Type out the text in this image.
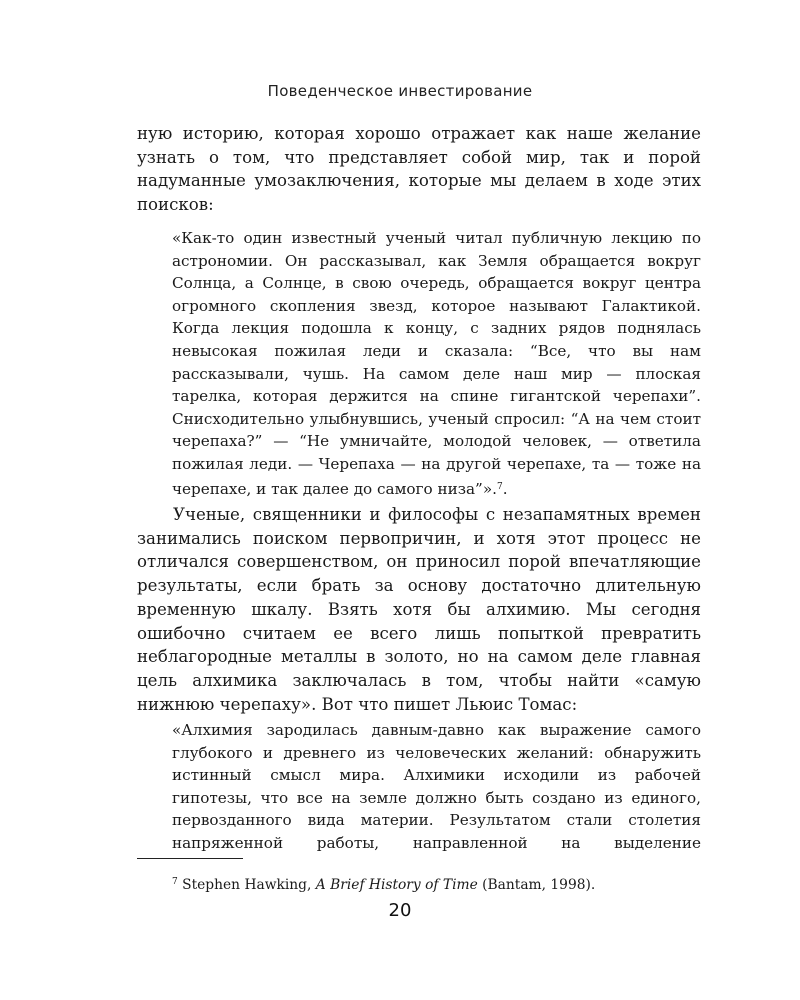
Поведенческое инвестирование

ную историю, которая хорошо отражает как наше желание узнать о том, что представляет собой мир, так и порой надуманные умозаключения, которые мы делаем в ходе этих поисков:

«Как-то один известный ученый читал публичную лекцию по астрономии. Он рассказывал, как Земля обращается вокруг Солнца, а Солнце, в свою очередь, обращается вокруг центра огромного скопления звезд, которое называют Галактикой. Когда лекция подошла к концу, с задних рядов поднялась невысокая пожилая леди и сказала: “Все, что вы нам рассказывали, чушь. На самом деле наш мир — плоская тарелка, которая держится на спине гигантской черепахи”. Снисходительно улыбнувшись, ученый спросил: “А на чем стоит черепаха?” — “Не умничайте, молодой человек, — ответила пожилая леди. — Черепаха — на другой черепахе, та — тоже на черепахе, и так далее до самого низа”».$^7$.

Ученые, священники и философы с незапамятных времен занимались поиском первопричин, и хотя этот процесс не отличался совершенством, он приносил порой впечатляющие результаты, если брать за основу достаточно длительную временную шкалу. Взять хотя бы алхимию. Мы сегодня ошибочно считаем ее всего лишь попыткой превратить неблагородные металлы в золото, но на самом деле главная цель алхимика заключалась в том, чтобы найти «самую нижнюю черепаху». Вот что пишет Льюис Томас:

«Алхимия зародилась давным-давно как выражение самого глубокого и древнего из человеческих желаний: обнаружить истинный смысл мира. Алхимики исходили из рабочей гипотезы, что все на земле должно быть создано из единого, первозданного вида материи. Результатом стали столетия напряженной работы, направленной на выделение

$^7$ Stephen Hawking, A Brief History of Time (Bantam, 1998).
20
